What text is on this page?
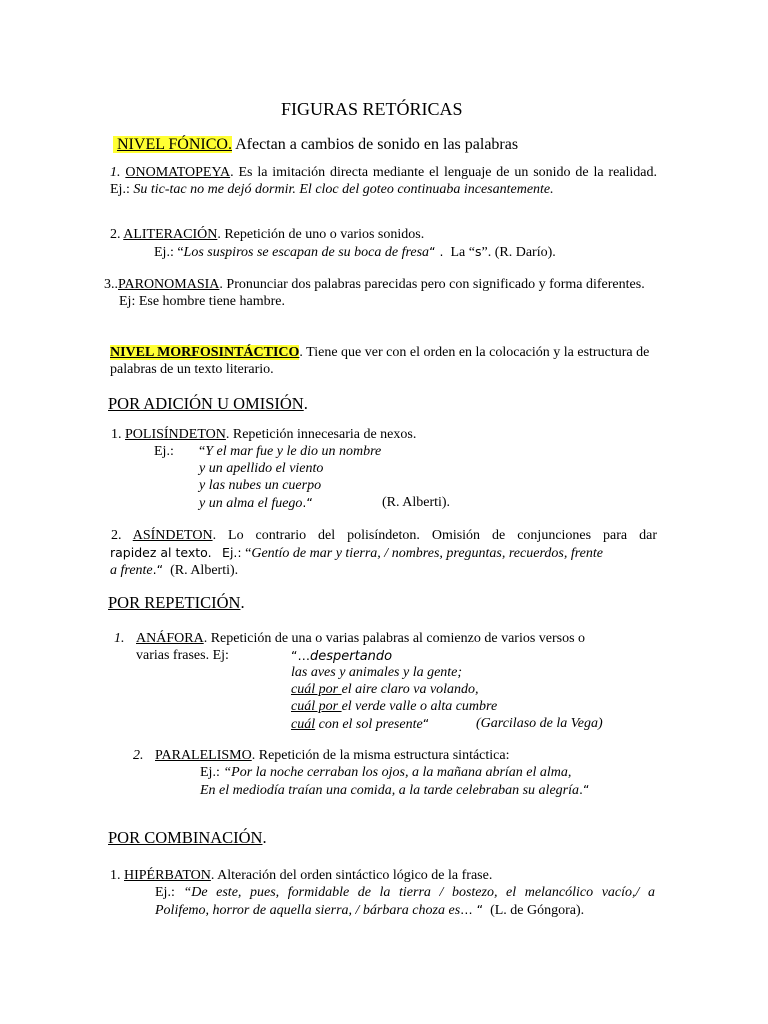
FIGURAS RETÓRICAS
NIVEL FÓNICO. Afectan a cambios de sonido en las palabras
1. ONOMATOPEYA. Es la imitación directa mediante el lenguaje de un sonido de la realidad. Ej.: Su tic-tac no me dejó dormir. El cloc del goteo continuaba incesantemente.
2. ALITERACIÓN. Repetición de uno o varios sonidos.
Ej.: “Los suspiros se escapan de su boca de fresa“ . La “s”. (R. Darío).
3..PARONOMASIA. Pronunciar dos palabras parecidas pero con significado y forma diferentes.
Ej: Ese hombre tiene hambre.
NIVEL MORFOSINTÁCTICO. Tiene que ver con el orden en la colocación y la estructura de
palabras de un texto literario.
POR ADICIÓN U OMISIÓN.
1. POLISÍNDETON. Repetición innecesaria de nexos.
Ej.: “Y el mar fue y le dio un nombre
y un apellido el viento
y las nubes un cuerpo
y un alma el fuego.“	(R. Alberti).
2. ASÍNDETON. Lo contrario del polisíndeton. Omisión de conjunciones para dar
rapidez al texto. Ej.: “Gentío de mar y tierra, / nombres, preguntas, recuerdos, frente
a frente.“ (R. Alberti).
POR REPETICIÓN.
1. ANÁFORA. Repetición de una o varias palabras al comienzo de varios versos o
varias frases. Ej:	“…despertando
las aves y animales y la gente;
cuál por el aire claro va volando,
cuál por el verde valle o alta cumbre
cuál con el sol presente“	(Garcilaso de la Vega)
2. PARALELISMO. Repetición de la misma estructura sintáctica:
Ej.: “Por la noche cerraban los ojos, a la mañana abrían el alma,
En el mediodía traían una comida, a la tarde celebraban su alegría.“
POR COMBINACIÓN.
1. HIPÉRBATON. Alteración del orden sintáctico lógico de la frase.
Ej.: “De este, pues, formidable de la tierra / bostezo, el melancólico vacío,/ a
Polifemo, horror de aquella sierra, / bárbara choza es… “ (L. de Góngora).
